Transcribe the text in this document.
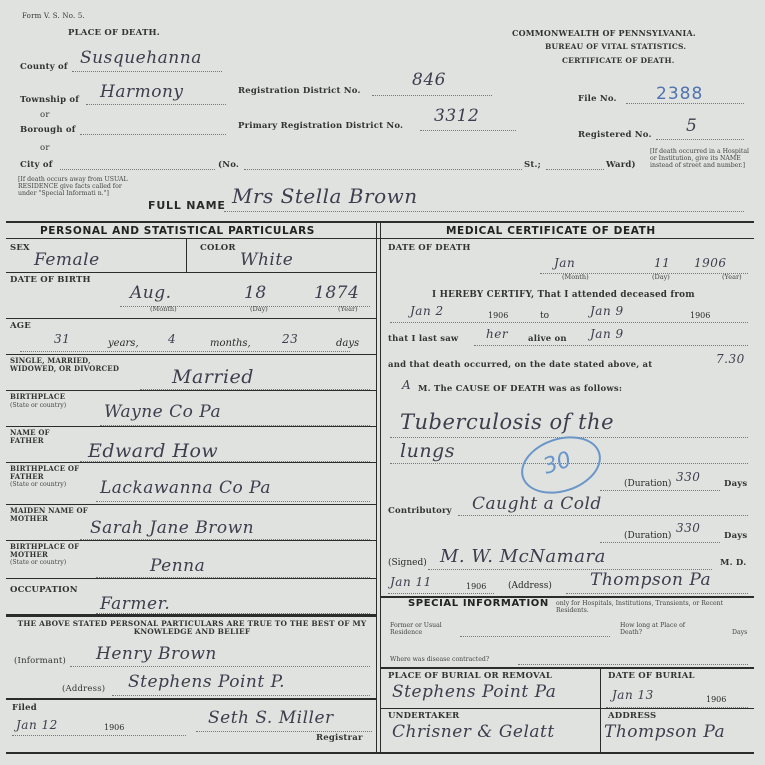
Form V. S. No. 5.
PLACE OF DEATH.	COMMONWEALTH OF PENNSYLVANIA.
BUREAU OF VITAL STATISTICS.
CERTIFICATE OF DEATH.
County of Susquehanna
Township of Harmony
or
Borough of
or
City of	(No.	St.;	Ward)
[If death occurred in a Hospital or Institution, give its NAME instead of street and number.]
[If death occurs away from USUAL RESIDENCE give facts called for under "Special Informati n."]
Registration District No.
846
Primary Registration District No. 3312
File No. 2388
Registered No. 5
FULL NAME Mrs Stella Brown
PERSONAL AND STATISTICAL PARTICULARS	MEDICAL CERTIFICATE OF DEATH
SEX
Female
COLOR
White
DATE OF BIRTH
Aug.	18	1874
(Month)	(Day)	(Year)
AGE
31	years, 4	months,	23	days
SINGLE, MARRIED, WIDOWED, OR DIVORCED	Married
BIRTHPLACE
(State or country) Wayne Co Pa
NAME OF FATHER	Edward How
BIRTHPLACE OF FATHER
(State or country) Lackawanna Co Pa
MAIDEN NAME OF MOTHER	Sarah Jane Brown
BIRTHPLACE OF MOTHER
(State or country)	Penna
OCCUPATION
Farmer.
THE ABOVE STATED PERSONAL PARTICULARS ARE TRUE TO THE BEST OF MY KNOWLEDGE AND BELIEF
(Informant) Henry Brown
(Address) Stephens Point P.
Filed
Jan 12	1906	Seth S. Miller
Registrar
DATE OF DEATH
Jan	11 1906
(Month)	(Day)	(Year)
I HEREBY CERTIFY, That I attended deceased from
Jan 2	1906	to	Jan 9	1906
that I last saw her alive on Jan 9
and that death occurred, on the date stated above, at	7.30
A M. The CAUSE OF DEATH was as follows:
Tuberculosis of the
lungs	30
(Duration) 330	Days
Contributory Caught a Cold
(Duration)
330
Days
(Signed) M. W. McNamara	M. D.
Jan 11	1906 (Address) Thompson Pa
SPECIAL INFORMATION only for Hospitals, Institutions, Transients, or Recent Residents.
Former or Usual Residence
How long at Place of Death?	Days
Where was disease contracted?
PLACE OF BURIAL OR REMOVAL
Stephens Point Pa
DATE OF BURIAL
Jan 13	1906
UNDERTAKER
Chrisner & Gelatt
ADDRESS
Thompson Pa
